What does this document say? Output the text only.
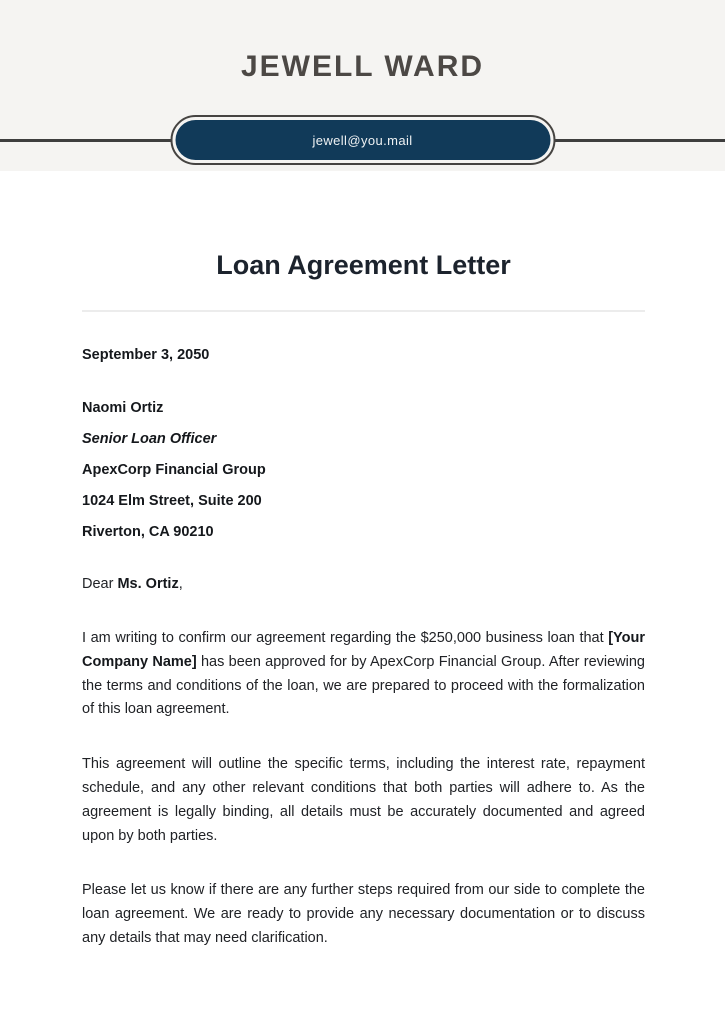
JEWELL WARD
jewell@you.mail
Loan Agreement Letter
September 3, 2050
Naomi Ortiz
Senior Loan Officer
ApexCorp Financial Group
1024 Elm Street, Suite 200
Riverton, CA 90210
Dear Ms. Ortiz,

I am writing to confirm our agreement regarding the $250,000 business loan that [Your Company Name] has been approved for by ApexCorp Financial Group. After reviewing the terms and conditions of the loan, we are prepared to proceed with the formalization of this loan agreement.

This agreement will outline the specific terms, including the interest rate, repayment schedule, and any other relevant conditions that both parties will adhere to. As the agreement is legally binding, all details must be accurately documented and agreed upon by both parties.

Please let us know if there are any further steps required from our side to complete the loan agreement. We are ready to provide any necessary documentation or to discuss any details that may need clarification.
